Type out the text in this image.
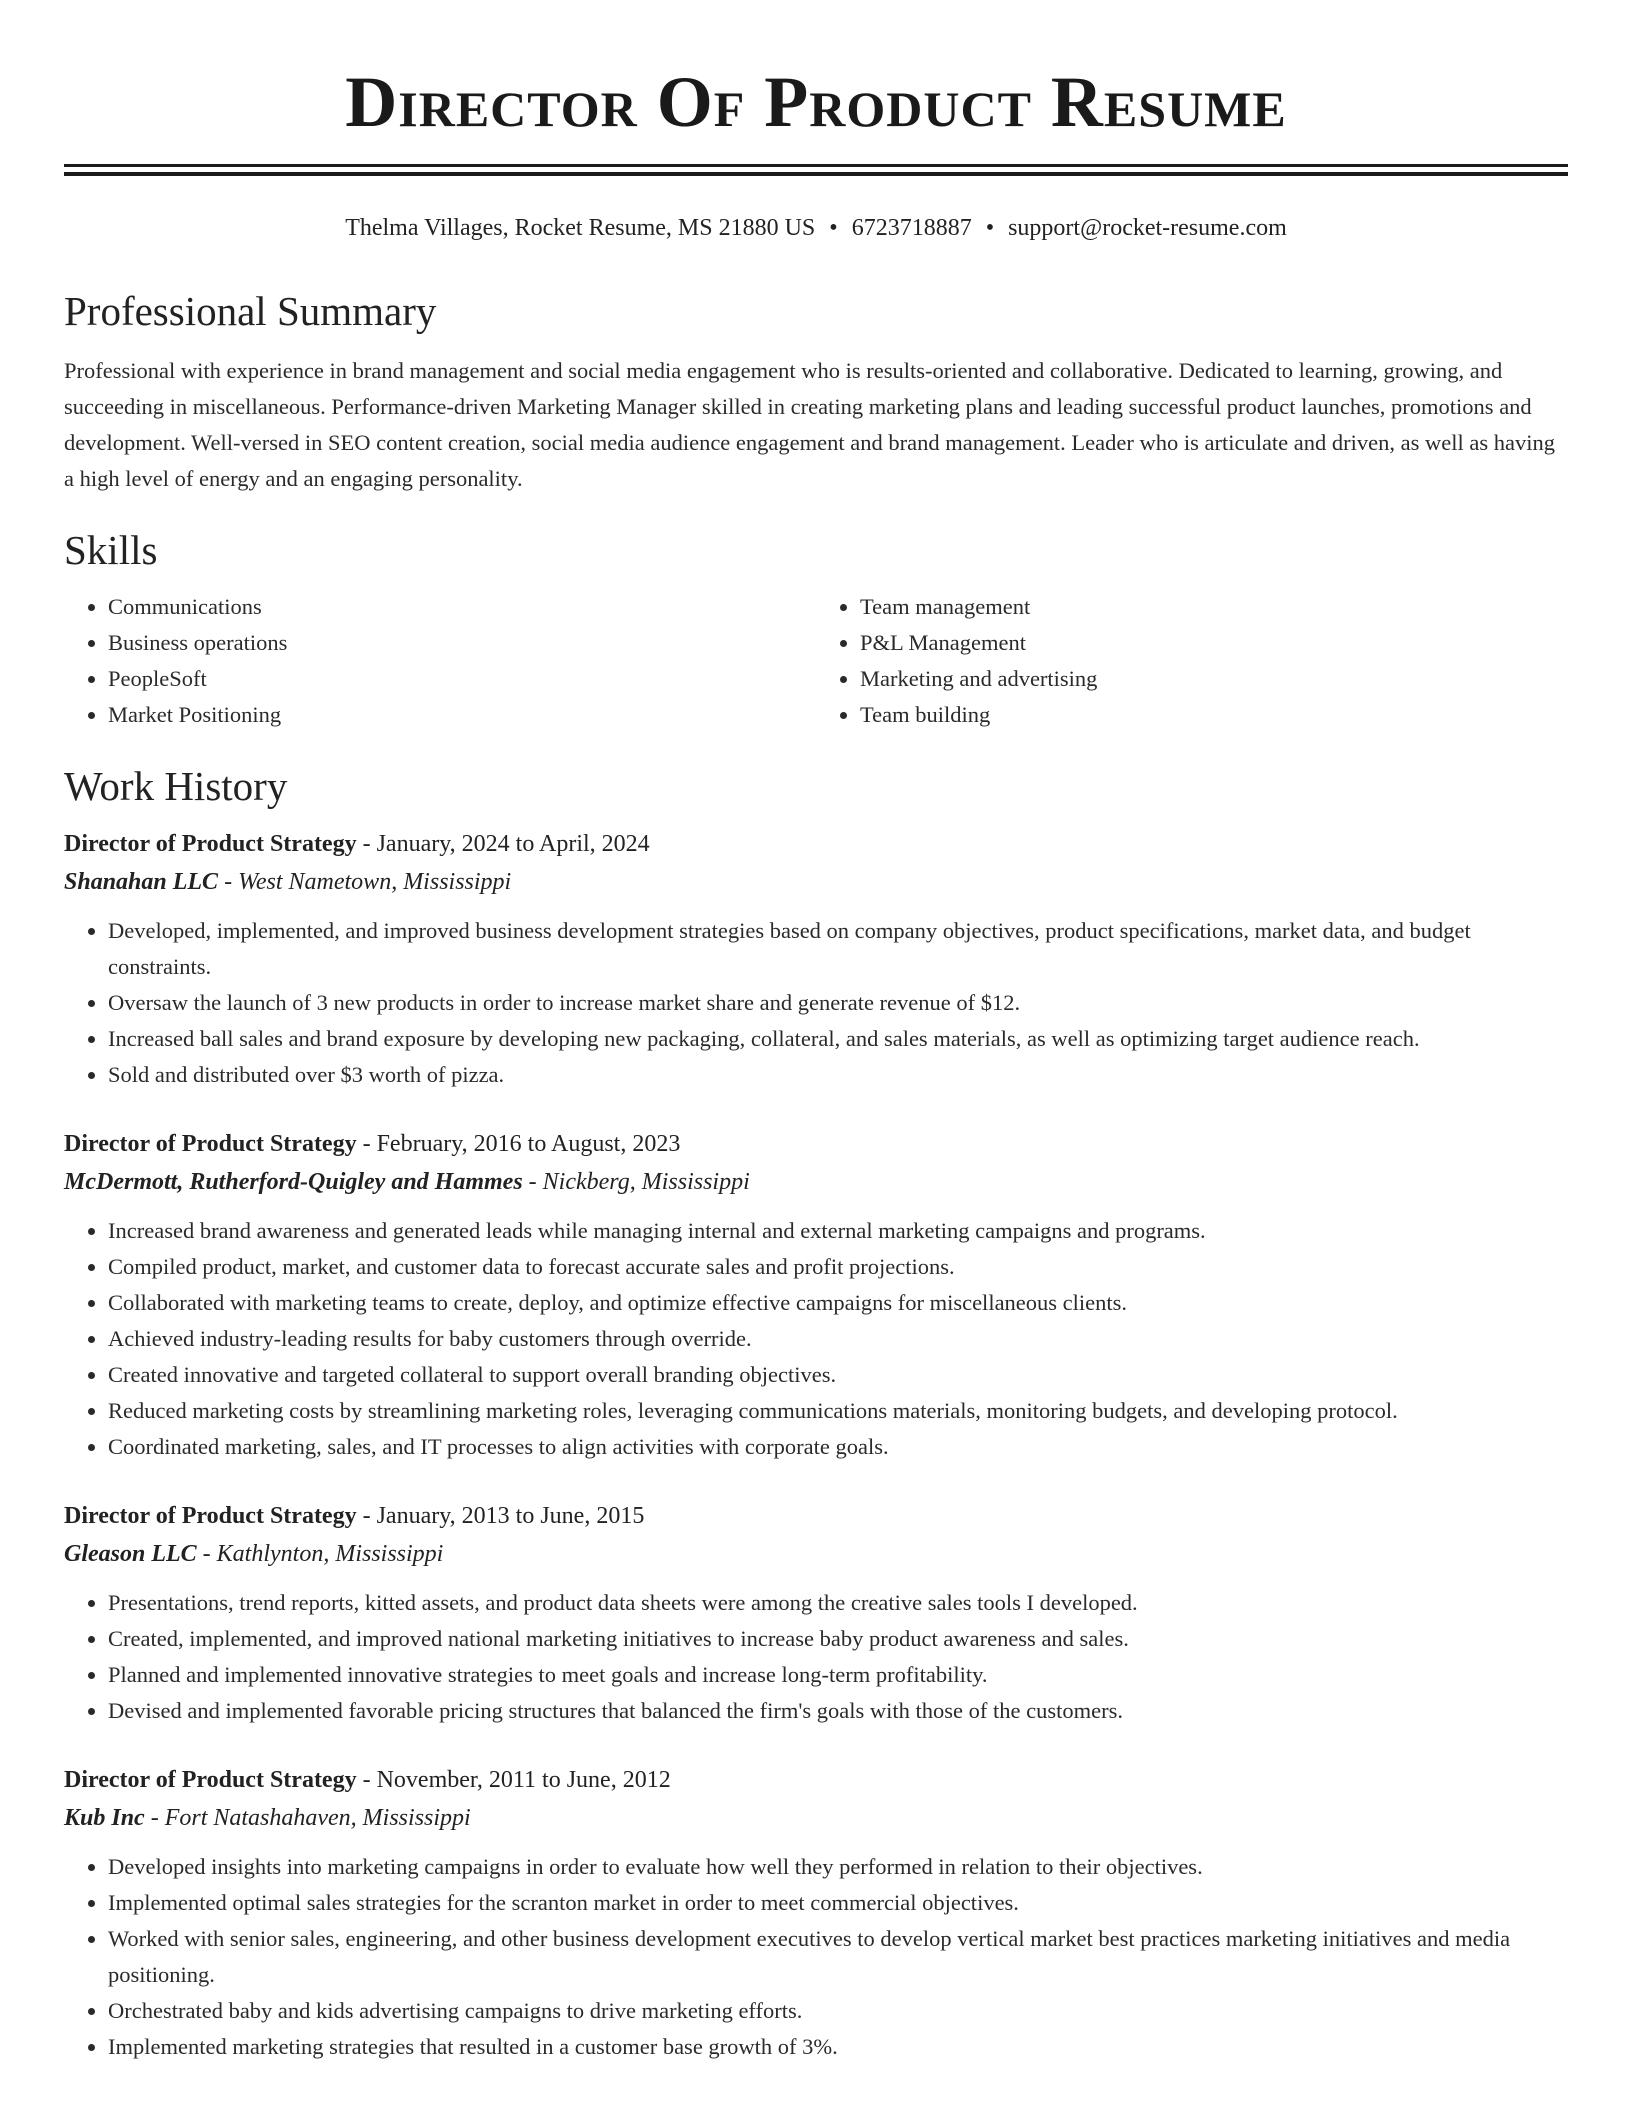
Director Of Product Resume
Thelma Villages, Rocket Resume, MS 21880 US • 6723718887 • support@rocket-resume.com
Professional Summary

Professional with experience in brand management and social media engagement who is results-oriented and collaborative. Dedicated to learning, growing, and succeeding in miscellaneous. Performance-driven Marketing Manager skilled in creating marketing plans and leading successful product launches, promotions and development. Well-versed in SEO content creation, social media audience engagement and brand management. Leader who is articulate and driven, as well as having a high level of energy and an engaging personality.

Skills
• Communications
• Business operations
• PeopleSoft
• Market Positioning
• Team management
• P&L Management
• Marketing and advertising
• Team building
Work History
Director of Product Strategy - January, 2024 to April, 2024
Shanahan LLC - West Nametown, Mississippi
• Developed, implemented, and improved business development strategies based on company objectives, product specifications, market data, and budget constraints.
• Oversaw the launch of 3 new products in order to increase market share and generate revenue of $12.
• Increased ball sales and brand exposure by developing new packaging, collateral, and sales materials, as well as optimizing target audience reach.
• Sold and distributed over $3 worth of pizza.
Director of Product Strategy - February, 2016 to August, 2023
McDermott, Rutherford-Quigley and Hammes - Nickberg, Mississippi
• Increased brand awareness and generated leads while managing internal and external marketing campaigns and programs.
• Compiled product, market, and customer data to forecast accurate sales and profit projections.
• Collaborated with marketing teams to create, deploy, and optimize effective campaigns for miscellaneous clients.
• Achieved industry-leading results for baby customers through override.
• Created innovative and targeted collateral to support overall branding objectives.
• Reduced marketing costs by streamlining marketing roles, leveraging communications materials, monitoring budgets, and developing protocol.
• Coordinated marketing, sales, and IT processes to align activities with corporate goals.
Director of Product Strategy - January, 2013 to June, 2015
Gleason LLC - Kathlynton, Mississippi
• Presentations, trend reports, kitted assets, and product data sheets were among the creative sales tools I developed.
• Created, implemented, and improved national marketing initiatives to increase baby product awareness and sales.
• Planned and implemented innovative strategies to meet goals and increase long-term profitability.
• Devised and implemented favorable pricing structures that balanced the firm's goals with those of the customers.
Director of Product Strategy - November, 2011 to June, 2012
Kub Inc - Fort Natashahaven, Mississippi
• Developed insights into marketing campaigns in order to evaluate how well they performed in relation to their objectives.
• Implemented optimal sales strategies for the scranton market in order to meet commercial objectives.
• Worked with senior sales, engineering, and other business development executives to develop vertical market best practices marketing initiatives and media positioning.
• Orchestrated baby and kids advertising campaigns to drive marketing efforts.
• Implemented marketing strategies that resulted in a customer base growth of 3%.
